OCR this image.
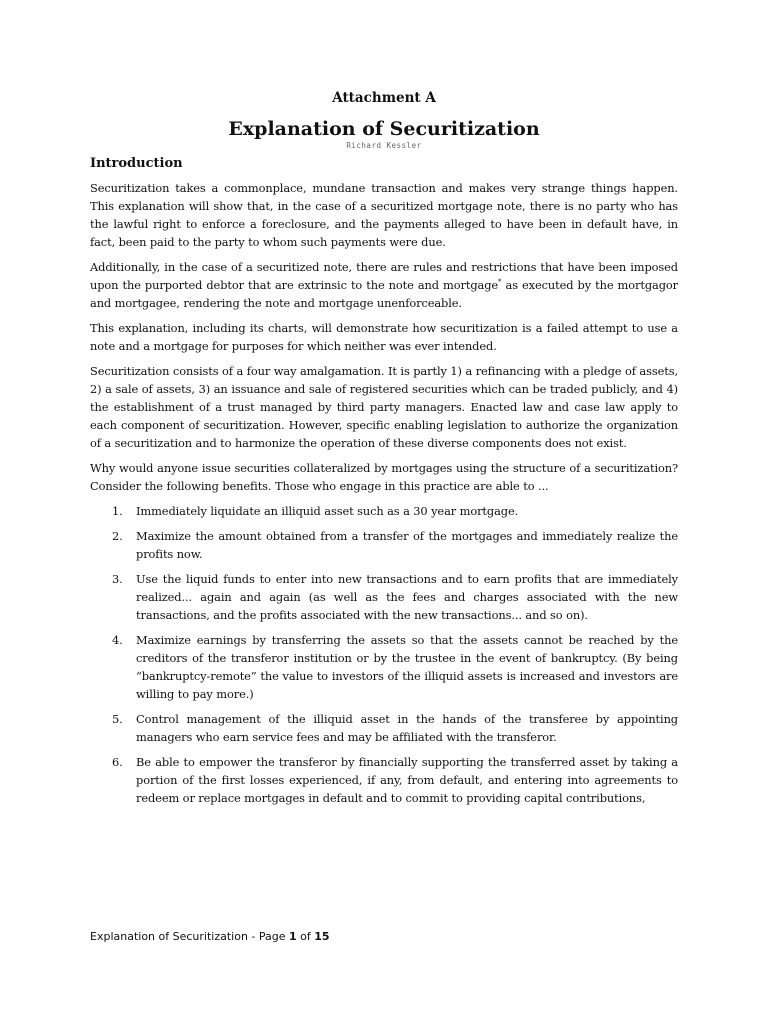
Attachment A
Explanation of Securitization
Richard Kessler
Introduction

Securitization takes a commonplace, mundane transaction and makes very strange things happen. This explanation will show that, in the case of a securitized mortgage note, there is no party who has the lawful right to enforce a foreclosure, and the payments alleged to have been in default have, in fact, been paid to the party to whom such payments were due.

Additionally, in the case of a securitized note, there are rules and restrictions that have been imposed upon the purported debtor that are extrinsic to the note and mortgage* as executed by the mortgagor and mortgagee, rendering the note and mortgage unenforceable.

This explanation, including its charts, will demonstrate how securitization is a failed attempt to use a note and a mortgage for purposes for which neither was ever intended.

Securitization consists of a four way amalgamation. It is partly 1) a refinancing with a pledge of assets, 2) a sale of assets, 3) an issuance and sale of registered securities which can be traded publicly, and 4) the establishment of a trust managed by third party managers. Enacted law and case law apply to each component of securitization. However, specific enabling legislation to authorize the organization of a securitization and to harmonize the operation of these diverse components does not exist.

Why would anyone issue securities collateralized by mortgages using the structure of a securitization? Consider the following benefits. Those who engage in this practice are able to ...

1. Immediately liquidate an illiquid asset such as a 30 year mortgage.
2. Maximize the amount obtained from a transfer of the mortgages and immediately realize the profits now.
3. Use the liquid funds to enter into new transactions and to earn profits that are immediately realized... again and again (as well as the fees and charges associated with the new transactions, and the profits associated with the new transactions... and so on).
4. Maximize earnings by transferring the assets so that the assets cannot be reached by the creditors of the transferor institution or by the trustee in the event of bankruptcy. (By being “bankruptcy-remote” the value to investors of the illiquid assets is increased and investors are willing to pay more.)
5. Control management of the illiquid asset in the hands of the transferee by appointing managers who earn service fees and may be affiliated with the transferor.
6. Be able to empower the transferor by financially supporting the transferred asset by taking a portion of the first losses experienced, if any, from default, and entering into agreements to redeem or replace mortgages in default and to commit to providing capital contributions,
Explanation of Securitization - Page 1 of 15
